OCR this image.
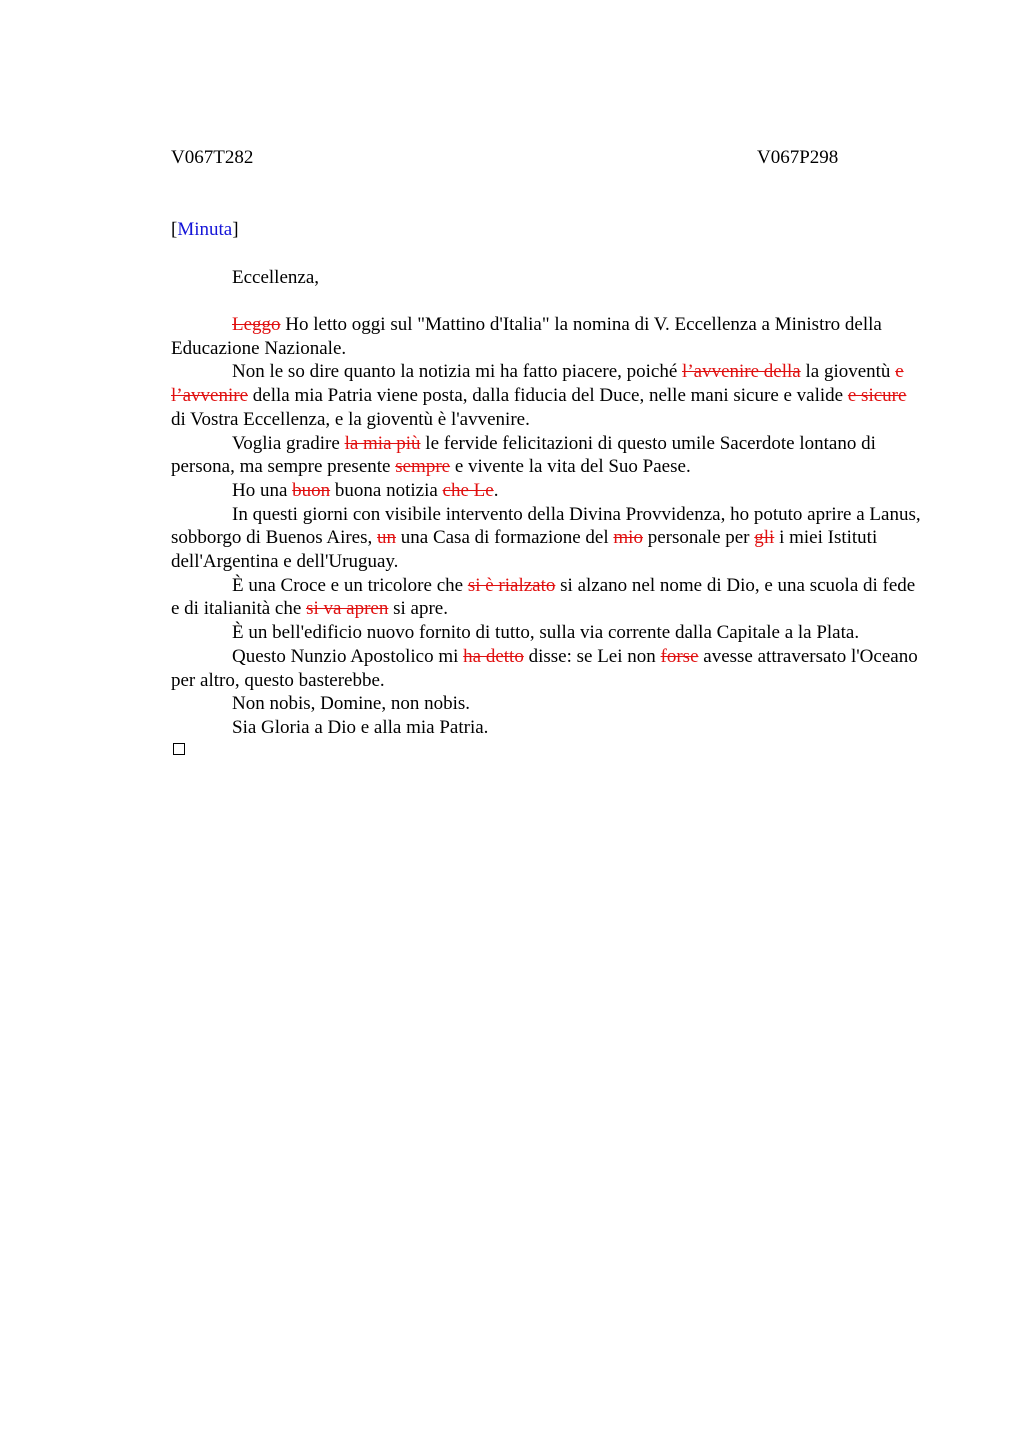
V067T282	V067P298
[Minuta]
Eccellenza,

Leggo Ho letto oggi sul "Mattino d'Italia" la nomina di V. Eccellenza a Ministro della Educazione Nazionale.

Non le so dire quanto la notizia mi ha fatto piacere, poiché l’avvenire della la gioventù e l’avvenire della mia Patria viene posta, dalla fiducia del Duce, nelle mani sicure e valide e sicure di Vostra Eccellenza, e la gioventù è l'avvenire.

Voglia gradire la mia più le fervide felicitazioni di questo umile Sacerdote lontano di persona, ma sempre presente sempre e vivente la vita del Suo Paese.

Ho una buon buona notizia che Le.

In questi giorni con visibile intervento della Divina Provvidenza, ho potuto aprire a Lanus, sobborgo di Buenos Aires, un una Casa di formazione del mio personale per gli i miei Istituti dell'Argentina e dell'Uruguay.

È una Croce e un tricolore che si è rialzato si alzano nel nome di Dio, e una scuola di fede e di italianità che si va apren si apre.

È un bell'edificio nuovo fornito di tutto, sulla via corrente dalla Capitale a la Plata.

Questo Nunzio Apostolico mi ha detto disse: se Lei non forse avesse attraversato l'Oceano per altro, questo basterebbe.

Non nobis, Domine, non nobis.

Sia Gloria a Dio e alla mia Patria.
